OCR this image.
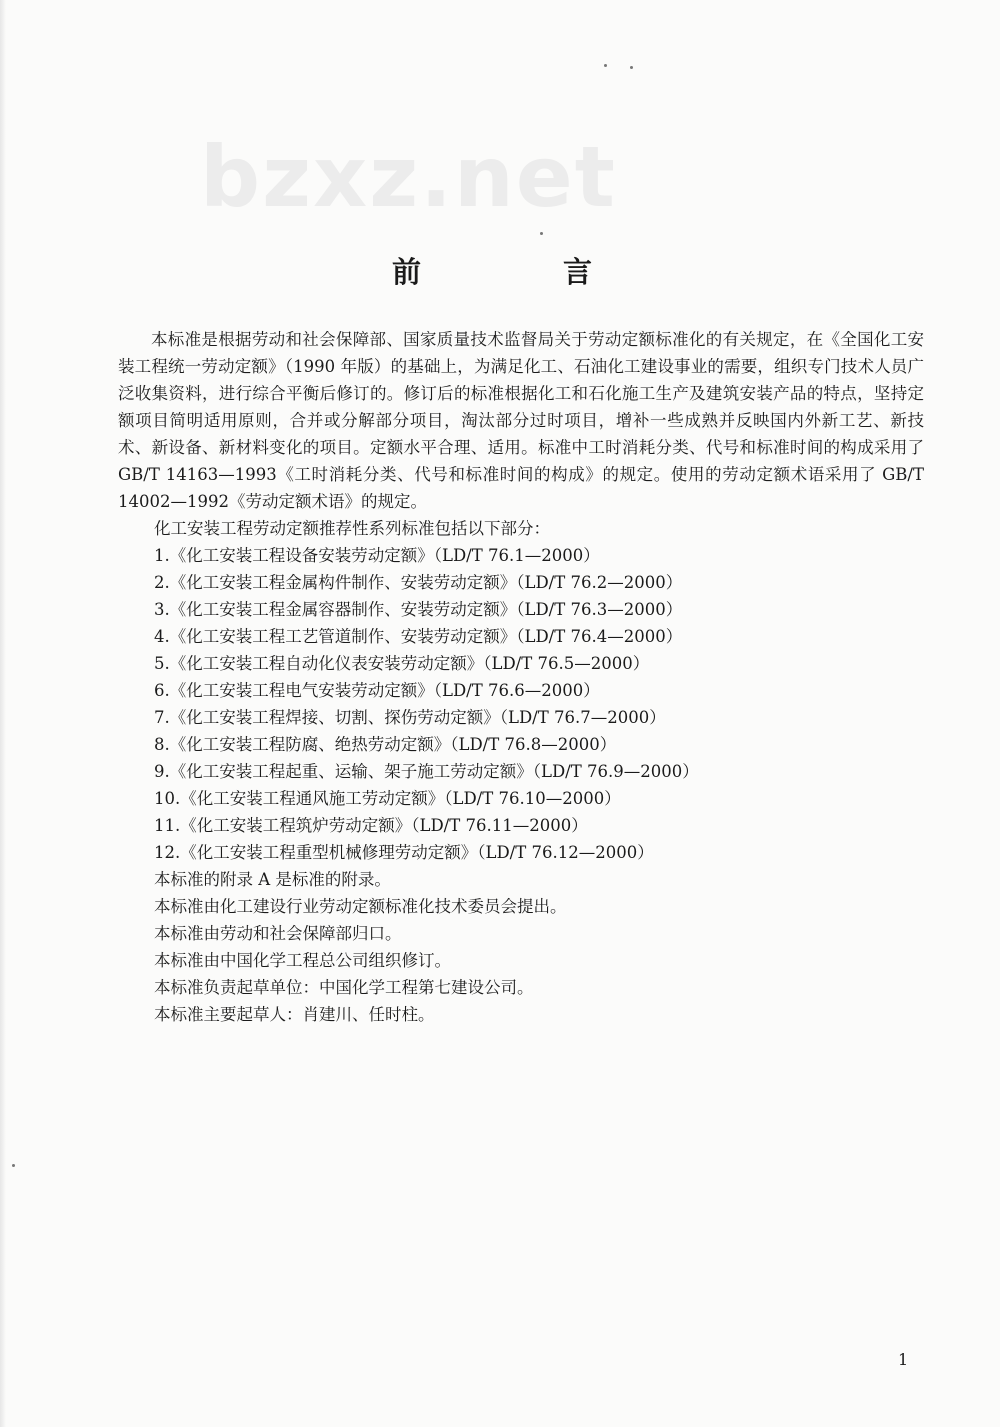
bzxz.net
前 言

本标准是根据劳动和社会保障部、国家质量技术监督局关于劳动定额标准化的有关规定，在《全国化工安装工程统一劳动定额》（1990 年版）的基础上，为满足化工、石油化工建设事业的需要，组织专门技术人员广泛收集资料，进行综合平衡后修订的。修订后的标准根据化工和石化施工生产及建筑安装产品的特点，坚持定额项目简明适用原则，合并或分解部分项目，淘汰部分过时项目，增补一些成熟并反映国内外新工艺、新技术、新设备、新材料变化的项目。定额水平合理、适用。标准中工时消耗分类、代号和标准时间的构成采用了 GB/T 14163—1993《工时消耗分类、代号和标准时间的构成》的规定。使用的劳动定额术语采用了 GB/T 14002—1992《劳动定额术语》的规定。

化工安装工程劳动定额推荐性系列标准包括以下部分：

1.《化工安装工程设备安装劳动定额》（LD/T 76.1—2000）

2.《化工安装工程金属构件制作、安装劳动定额》（LD/T 76.2—2000）

3.《化工安装工程金属容器制作、安装劳动定额》（LD/T 76.3—2000）

4.《化工安装工程工艺管道制作、安装劳动定额》（LD/T 76.4—2000）

5.《化工安装工程自动化仪表安装劳动定额》（LD/T 76.5—2000）

6.《化工安装工程电气安装劳动定额》（LD/T 76.6—2000）

7.《化工安装工程焊接、切割、探伤劳动定额》（LD/T 76.7—2000）

8.《化工安装工程防腐、绝热劳动定额》（LD/T 76.8—2000）

9.《化工安装工程起重、运输、架子施工劳动定额》（LD/T 76.9—2000）

10.《化工安装工程通风施工劳动定额》（LD/T 76.10—2000）

11.《化工安装工程筑炉劳动定额》（LD/T 76.11—2000）

12.《化工安装工程重型机械修理劳动定额》（LD/T 76.12—2000）

本标准的附录 A 是标准的附录。

本标准由化工建设行业劳动定额标准化技术委员会提出。

本标准由劳动和社会保障部归口。

本标准由中国化学工程总公司组织修订。

本标准负责起草单位：中国化学工程第七建设公司。

本标准主要起草人：肖建川、任时柱。

1
